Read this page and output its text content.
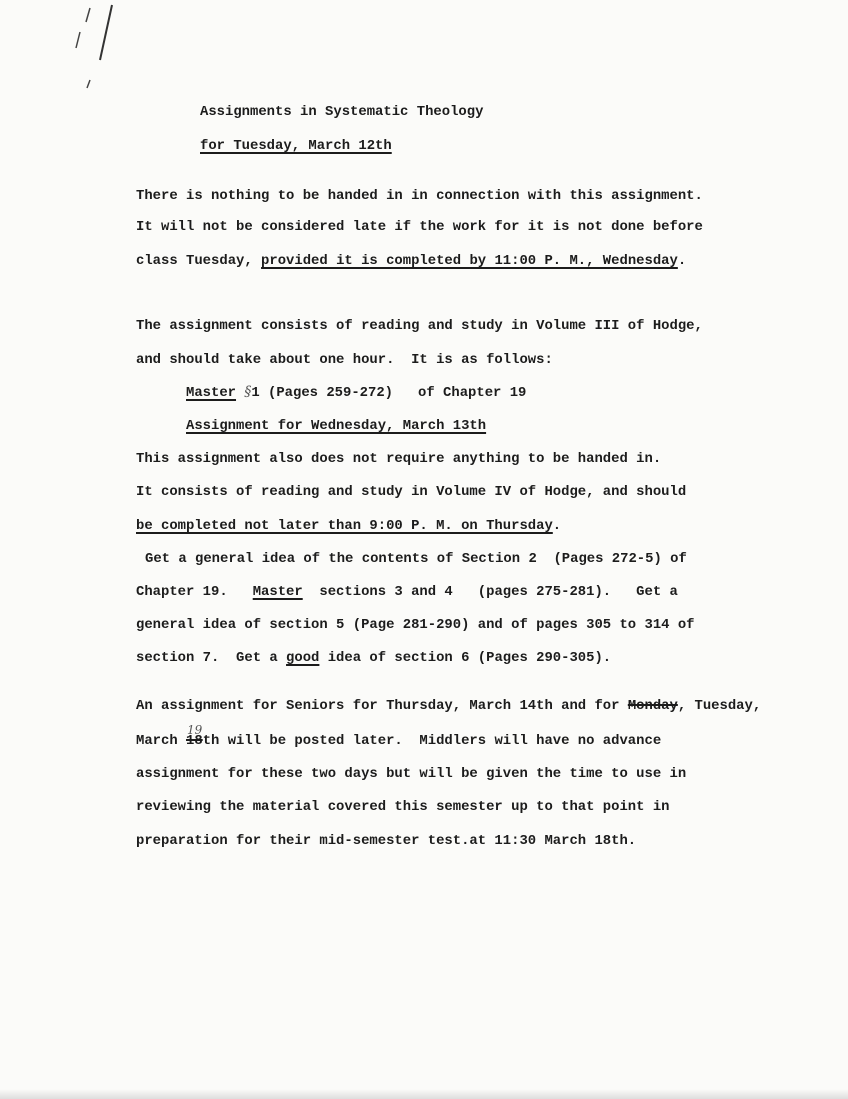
Assignments in Systematic Theology
for Tuesday, March 12th
There is nothing to be handed in in connection with this assignment.
It will not be considered late if the work for it is not done before
class Tuesday, provided it is completed by 11:00 P. M., Wednesday.
The assignment consists of reading and study in Volume III of Hodge,
and should take about one hour.  It is as follows:
Master §1 (Pages 259-272)   of Chapter 19
Assignment for Wednesday, March 13th
This assignment also does not require anything to be handed in.
It consists of reading and study in Volume IV of Hodge, and should
be completed not later than 9:00 P. M. on Thursday.
Get a general idea of the contents of Section 2  (Pages 272-5) of
Chapter 19.   Master  sections 3 and 4   (pages 275-281).   Get a
general idea of section 5 (Page 281-290) and of pages 305 to 314 of
section 7.  Get a good idea of section 6 (Pages 290-305).
An assignment for Seniors for Thursday, March 14th and for Monday, Tuesday,
March 18th will be posted later.  Middlers will have no advance
assignment for these two days but will be given the time to use in
reviewing the material covered this semester up to that point in
preparation for their mid-semester test.at 11:30 March 18th.
19
